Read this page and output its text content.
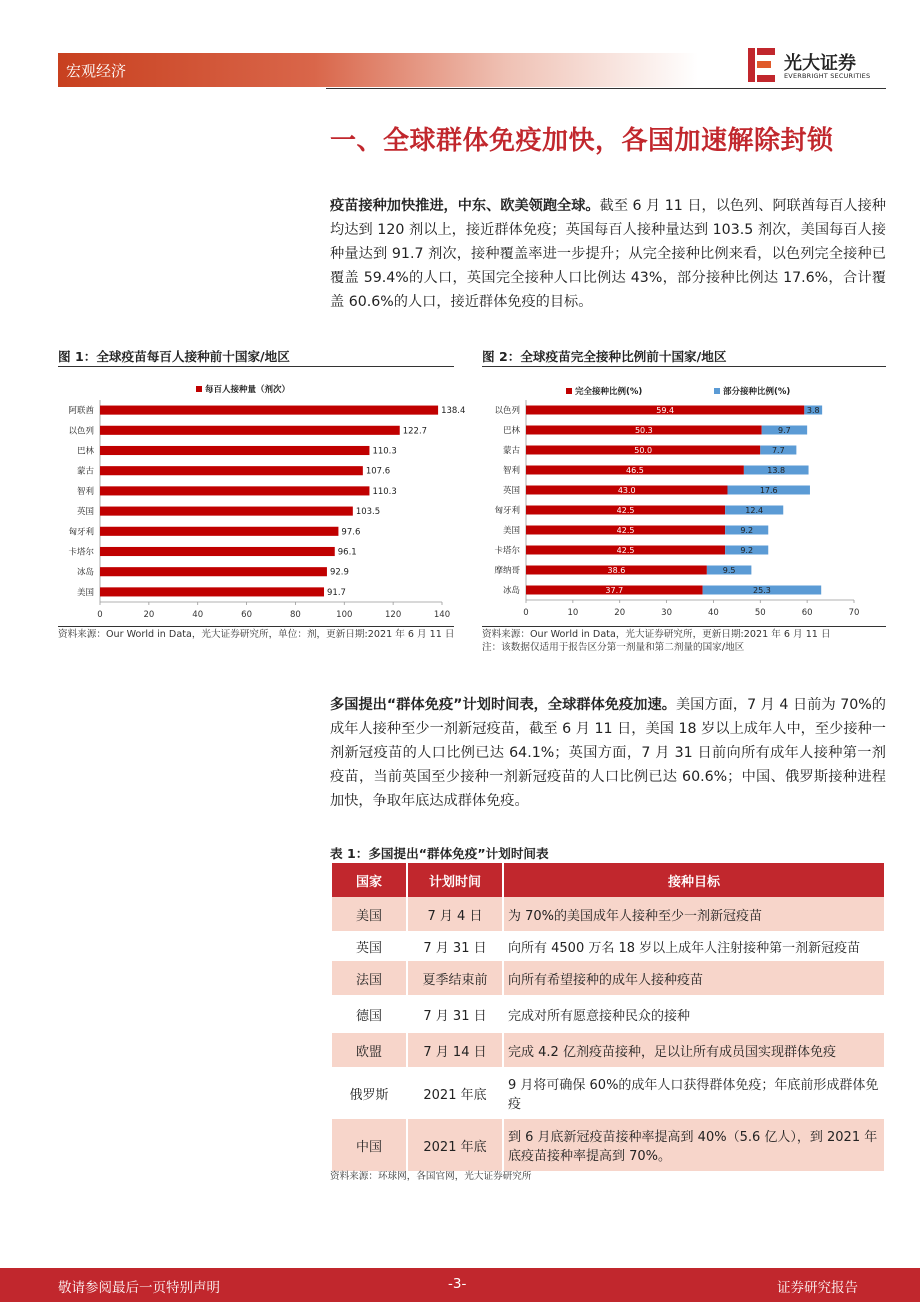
宏观经济	光大证券
EVERBRIGHT SECURITIES
一、全球群体免疫加快，各国加速解除封锁
疫苗接种加快推进，中东、欧美领跑全球。截至 6 月 11 日，以色列、阿联酋每百人接种均达到 120 剂以上，接近群体免疫；英国每百人接种量达到 103.5 剂次，美国每百人接种量达到 91.7 剂次，接种覆盖率进一步提升；从完全接种比例来看，以色列完全接种已覆盖 59.4%的人口，英国完全接种人口比例达 43%，部分接种比例达 17.6%，合计覆盖 60.6%的人口，接近群体免疫的目标。
图 1：全球疫苗每百人接种前十国家/地区
每百人接种量（剂次）
0	20	40	60	80	100	120	140
阿联酋	138.4
以色列	122.7
巴林	110.3
蒙古	107.6
智利	110.3
英国	103.5
匈牙利	97.6
卡塔尔	96.1
冰岛	92.9
美国	91.7
资料来源：Our World in Data，光大证券研究所，单位：剂，更新日期:2021 年 6 月 11 日
图 2：全球疫苗完全接种比例前十国家/地区
完全接种比例(%)	部分接种比例(%)
0	10	20	30	40	50	60	70
以色列	59.4	3.8
巴林	50.3	9.7
蒙古	50.0	7.7
智利	46.5	13.8
英国	43.0	17.6
匈牙利	42.5	12.4
美国	42.5	9.2
卡塔尔	42.5	9.2
摩纳哥	38.6	9.5
冰岛	37.7	25.3
资料来源：Our World in Data，光大证券研究所，更新日期:2021 年 6 月 11 日
注：该数据仅适用于报告区分第一剂量和第二剂量的国家/地区
多国提出“群体免疫”计划时间表，全球群体免疫加速。美国方面，7 月 4 日前为 70%的成年人接种至少一剂新冠疫苗，截至 6 月 11 日，美国 18 岁以上成年人中，至少接种一剂新冠疫苗的人口比例已达 64.1%；英国方面，7 月 31 日前向所有成年人接种第一剂疫苗，当前英国至少接种一剂新冠疫苗的人口比例已达 60.6%；中国、俄罗斯接种进程加快，争取年底达成群体免疫。
表 1：多国提出“群体免疫”计划时间表
国家	计划时间	接种目标
美国	7 月 4 日	为 70%的美国成年人接种至少一剂新冠疫苗
英国	7 月 31 日	向所有 4500 万名 18 岁以上成年人注射接种第一剂新冠疫苗
法国	夏季结束前	向所有希望接种的成年人接种疫苗
德国	7 月 31 日	完成对所有愿意接种民众的接种
欧盟	7 月 14 日	完成 4.2 亿剂疫苗接种，足以让所有成员国实现群体免疫
俄罗斯	2021 年底	9 月将可确保 60%的成年人口获得群体免疫；年底前形成群体免疫
中国	2021 年底	到 6 月底新冠疫苗接种率提高到 40%（5.6 亿人），到 2021 年底疫苗接种率提高到 70%。
资料来源：环球网，各国官网，光大证券研究所
敬请参阅最后一页特别声明	-3-	证券研究报告
